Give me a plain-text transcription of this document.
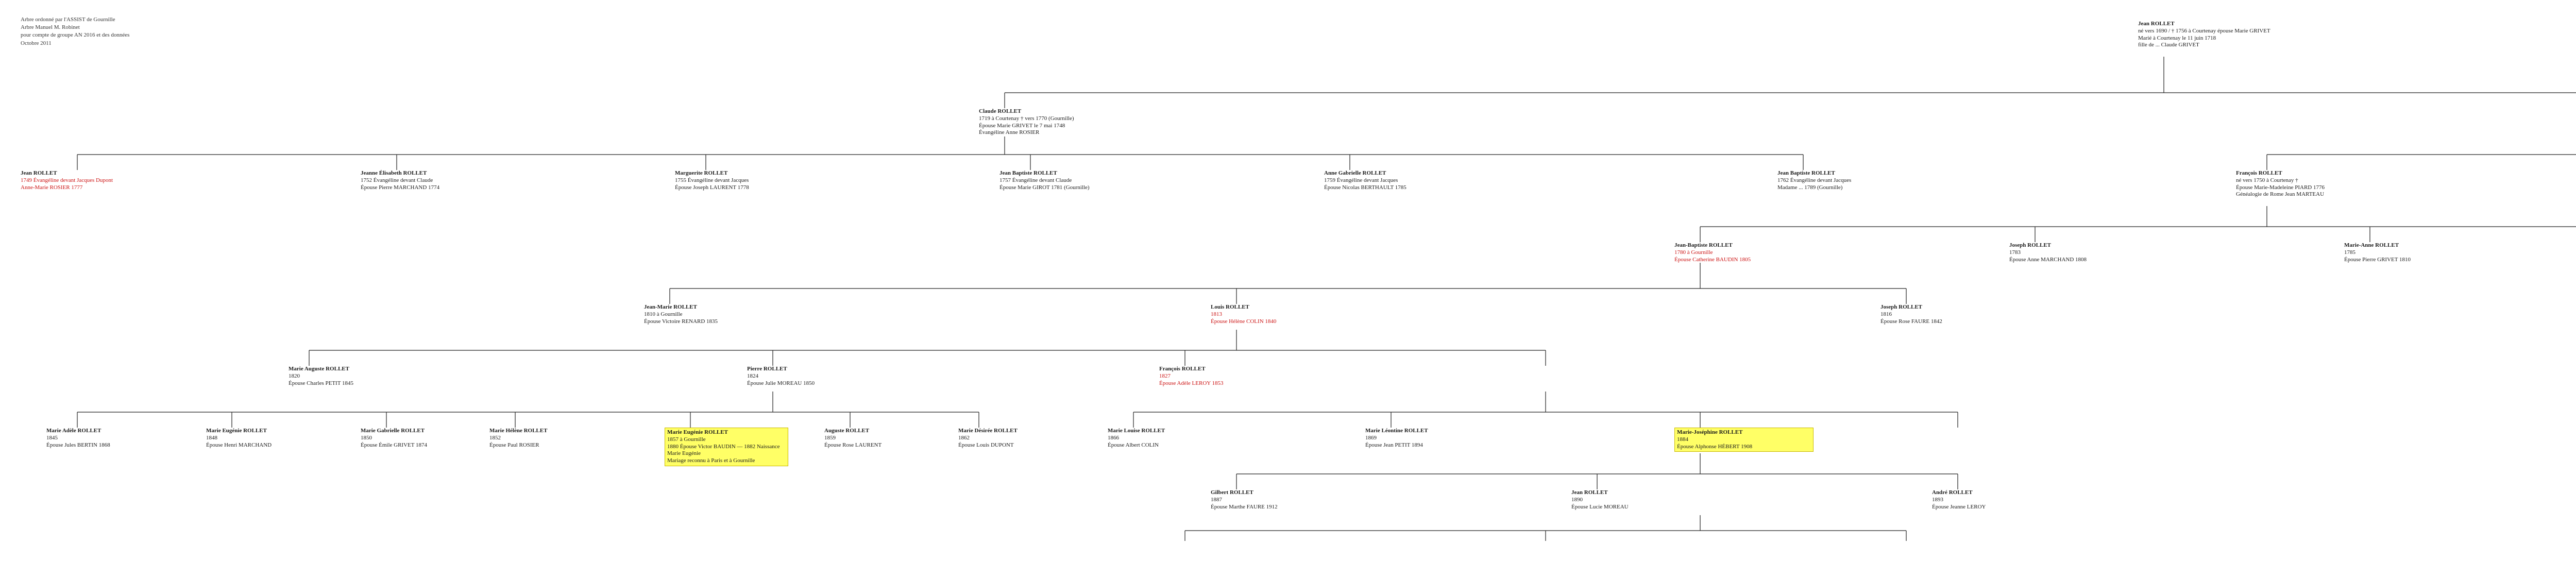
Arbre ordonné par l'ASSIST de Gournille
Arbre Manuel M. Robinet
pour compte de groupe AN 2016 et des données
Octobre 2011
Jean ROLLET
né vers 1690 / † 1756 à Courtenay épouse Marie GRIVET
Marié à Courtenay le 11 juin 1718
fille de ... Claude GRIVET
Claude ROLLET
1719 à Courtenay † vers 1770 (Gournille)
Épouse Marie GRIVET le 7 mai 1748
Évangéline Anne ROSIER
Jean ROLLET
1749 Évangéline devant Jacques Dupont
Anne-Marie ROSIER 1777
Jeanne Élisabeth ROLLET
1752 Évangéline devant Claude
Épouse Pierre MARCHAND 1774
Marguerite ROLLET
1755 Évangéline devant Jacques
Épouse Joseph LAURENT 1778
Jean Baptiste ROLLET
1757 Évangéline devant Claude
Épouse Marie GIROT 1781 (Gournille)
Anne Gabrielle ROLLET
1759 Évangéline devant Jacques
Épouse Nicolas BERTHAULT 1785
Jean Baptiste ROLLET
1762 Évangéline devant Jacques
Madame ... 1789 (Gournille)
François ROLLET
né vers 1750 à Courtenay †
Épouse Marie-Madeleine PIARD 1776
Généalogie de Rome Jean MARTEAU
Jean-Baptiste ROLLET
1780 à Gournille
Épouse Catherine BAUDIN 1805
Joseph ROLLET
1783
Épouse Anne MARCHAND 1808
Marie-Anne ROLLET
1785
Épouse Pierre GRIVET 1810
Jean-Marie ROLLET
1810 à Gournille
Épouse Victoire RENARD 1835
Louis ROLLET
1813
Épouse Hélène COLIN 1840
Joseph ROLLET
1816
Épouse Rose FAURE 1842
Marie Auguste ROLLET
1820
Épouse Charles PETIT 1845
Pierre ROLLET
1824
Épouse Julie MOREAU 1850
François ROLLET
1827
Épouse Adèle LEROY 1853
Marie Adèle ROLLET
1845
Épouse Jules BERTIN 1868
Marie Eugénie ROLLET
1848
Épouse Henri MARCHAND
Marie Gabrielle ROLLET
1850
Épouse Émile GRIVET 1874
Marie Hélène ROLLET
1852
Épouse Paul ROSIER
Marie Eugénie ROLLET
1857 à Gournille
1880 Épouse Victor BAUDIN — 1882 Naissance Marie Eugénie
Mariage reconnu à Paris et à Gournille
Auguste ROLLET
1859
Épouse Rose LAURENT
Marie Désirée ROLLET
1862
Épouse Louis DUPONT
Marie Louise ROLLET
1866
Épouse Albert COLIN
Marie Léontine ROLLET
1869
Épouse Jean PETIT 1894
Marie-Joséphine ROLLET
1884
Épouse Alphonse HÉBERT 1908
Gilbert ROLLET
1887
Épouse Marthe FAURE 1912
Jean ROLLET
1890
Épouse Lucie MOREAU
André ROLLET
1893
Épouse Jeanne LEROY
